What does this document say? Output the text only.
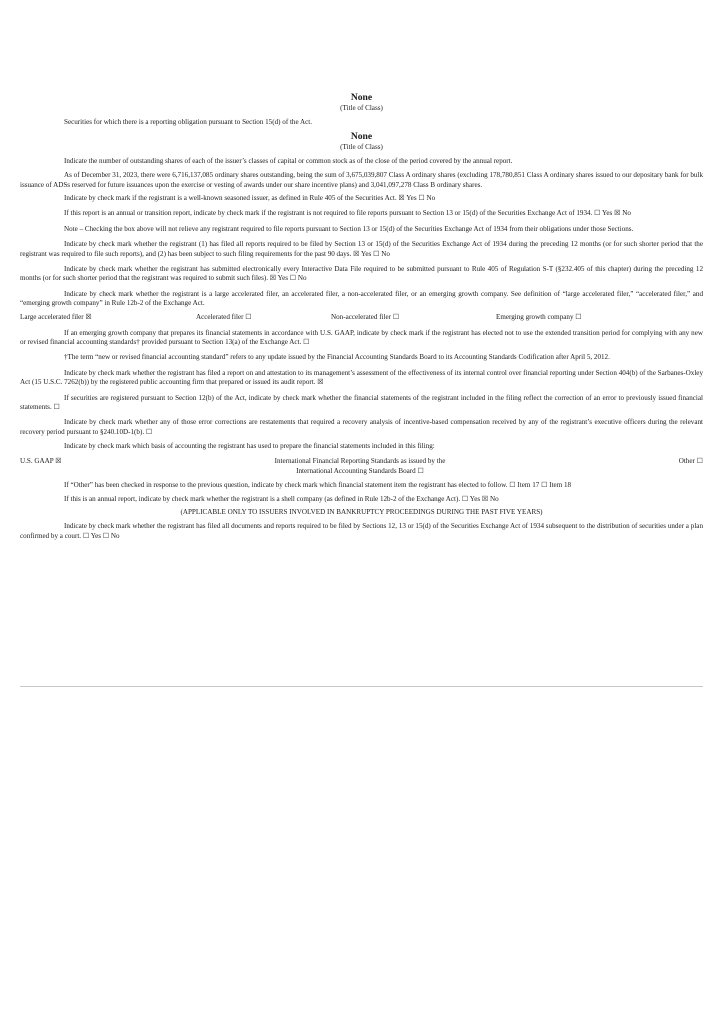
None
(Title of Class)

Securities for which there is a reporting obligation pursuant to Section 15(d) of the Act.

None
(Title of Class)

Indicate the number of outstanding shares of each of the issuer’s classes of capital or common stock as of the close of the period covered by the annual report.

As of December 31, 2023, there were 6,716,137,085 ordinary shares outstanding, being the sum of 3,675,039,807 Class A ordinary shares (excluding 178,780,851 Class A ordinary shares issued to our depositary bank for bulk issuance of ADSs reserved for future issuances upon the exercise or vesting of awards under our share incentive plans) and 3,041,097,278 Class B ordinary shares.

Indicate by check mark if the registrant is a well-known seasoned issuer, as defined in Rule 405 of the Securities Act. ☒ Yes ☐ No

If this report is an annual or transition report, indicate by check mark if the registrant is not required to file reports pursuant to Section 13 or 15(d) of the Securities Exchange Act of 1934. ☐ Yes ☒ No

Note – Checking the box above will not relieve any registrant required to file reports pursuant to Section 13 or 15(d) of the Securities Exchange Act of 1934 from their obligations under those Sections.

Indicate by check mark whether the registrant (1) has filed all reports required to be filed by Section 13 or 15(d) of the Securities Exchange Act of 1934 during the preceding 12 months (or for such shorter period that the registrant was required to file such reports), and (2) has been subject to such filing requirements for the past 90 days. ☒ Yes ☐ No

Indicate by check mark whether the registrant has submitted electronically every Interactive Data File required to be submitted pursuant to Rule 405 of Regulation S-T (§232.405 of this chapter) during the preceding 12 months (or for such shorter period that the registrant was required to submit such files). ☒ Yes ☐ No

Indicate by check mark whether the registrant is a large accelerated filer, an accelerated filer, a non-accelerated filer, or an emerging growth company. See definition of “large accelerated filer,” “accelerated filer,” and “emerging growth company” in Rule 12b-2 of the Exchange Act.

Large accelerated filer ☒	Accelerated filer ☐	Non-accelerated filer ☐	Emerging growth company ☐

If an emerging growth company that prepares its financial statements in accordance with U.S. GAAP, indicate by check mark if the registrant has elected not to use the extended transition period for complying with any new or revised financial accounting standards† provided pursuant to Section 13(a) of the Exchange Act. ☐

†The term “new or revised financial accounting standard” refers to any update issued by the Financial Accounting Standards Board to its Accounting Standards Codification after April 5, 2012.

Indicate by check mark whether the registrant has filed a report on and attestation to its management’s assessment of the effectiveness of its internal control over financial reporting under Section 404(b) of the Sarbanes-Oxley Act (15 U.S.C. 7262(b)) by the registered public accounting firm that prepared or issued its audit report. ☒

If securities are registered pursuant to Section 12(b) of the Act, indicate by check mark whether the financial statements of the registrant included in the filing reflect the correction of an error to previously issued financial statements. ☐

Indicate by check mark whether any of those error corrections are restatements that required a recovery analysis of incentive-based compensation received by any of the registrant’s executive officers during the relevant recovery period pursuant to §240.10D-1(b). ☐

Indicate by check mark which basis of accounting the registrant has used to prepare the financial statements included in this filing:

U.S. GAAP ☒	International Financial Reporting Standards as issued by the
International Accounting Standards Board ☐
Other ☐

If “Other” has been checked in response to the previous question, indicate by check mark which financial statement item the registrant has elected to follow. ☐ Item 17 ☐ Item 18

If this is an annual report, indicate by check mark whether the registrant is a shell company (as defined in Rule 12b-2 of the Exchange Act). ☐ Yes ☒ No

(APPLICABLE ONLY TO ISSUERS INVOLVED IN BANKRUPTCY PROCEEDINGS DURING THE PAST FIVE YEARS)

Indicate by check mark whether the registrant has filed all documents and reports required to be filed by Sections 12, 13 or 15(d) of the Securities Exchange Act of 1934 subsequent to the distribution of securities under a plan confirmed by a court. ☐ Yes ☐ No
